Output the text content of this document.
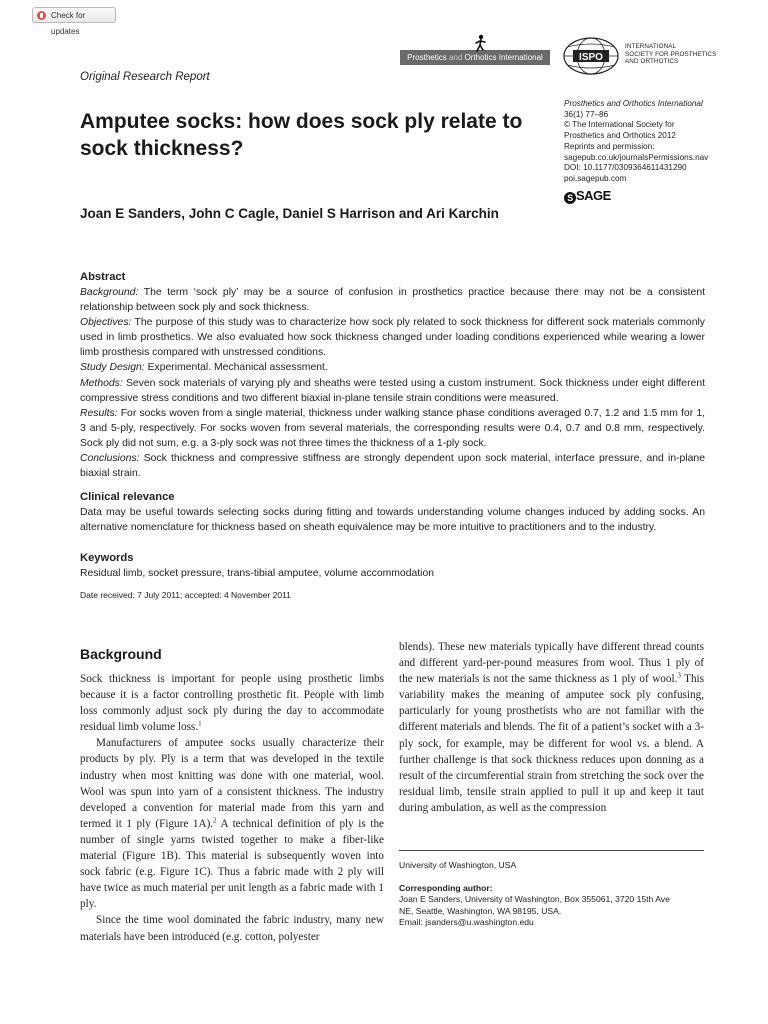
Check for updates
Prosthetics and Orthotics International	ISPO
INTERNATIONAL
SOCIETY FOR PROSTHETICS
AND ORTHOTICS
Original Research Report
Prosthetics and Orthotics International
36(1) 77–86
© The International Society for
Prosthetics and Orthotics 2012
Reprints and permission:
sagepub.co.uk/journalsPermissions.nav
DOI: 10.1177/0309364611431290
poi.sagepub.com
S SAGE
Amputee socks: how does sock ply relate to sock thickness?
Joan E Sanders, John C Cagle, Daniel S Harrison and Ari Karchin
Abstract
Background: The term ‘sock ply’ may be a source of confusion in prosthetics practice because there may not be a consistent relationship between sock ply and sock thickness.
Objectives: The purpose of this study was to characterize how sock ply related to sock thickness for different sock materials commonly used in limb prosthetics. We also evaluated how sock thickness changed under loading conditions experienced while wearing a lower limb prosthesis compared with unstressed conditions.
Study Design: Experimental. Mechanical assessment.
Methods: Seven sock materials of varying ply and sheaths were tested using a custom instrument. Sock thickness under eight different compressive stress conditions and two different biaxial in-plane tensile strain conditions were measured.
Results: For socks woven from a single material, thickness under walking stance phase conditions averaged 0.7, 1.2 and 1.5 mm for 1, 3 and 5-ply, respectively. For socks woven from several materials, the corresponding results were 0.4, 0.7 and 0.8 mm, respectively. Sock ply did not sum, e.g. a 3-ply sock was not three times the thickness of a 1-ply sock.
Conclusions: Sock thickness and compressive stiffness are strongly dependent upon sock material, interface pressure, and in-plane biaxial strain.
Clinical relevance
Data may be useful towards selecting socks during fitting and towards understanding volume changes induced by adding socks. An alternative nomenclature for thickness based on sheath equivalence may be more intuitive to practitioners and to the industry.
Keywords
Residual limb, socket pressure, trans-tibial amputee, volume accommodation
Date received: 7 July 2011; accepted: 4 November 2011
Background

Sock thickness is important for people using prosthetic limbs because it is a factor controlling prosthetic fit. People with limb loss commonly adjust sock ply during the day to accommodate residual limb volume loss.$^1$

Manufacturers of amputee socks usually characterize their products by ply. Ply is a term that was developed in the textile industry when most knitting was done with one material, wool. Wool was spun into yarn of a consistent thickness. The industry developed a convention for material made from this yarn and termed it 1 ply (Figure 1A).$^2$ A technical definition of ply is the number of single yarns twisted together to make a fiber-like material (Figure 1B). This material is subsequently woven into sock fabric (e.g. Figure 1C). Thus a fabric made with 2 ply will have twice as much material per unit length as a fabric made with 1 ply.

Since the time wool dominated the fabric industry, many new materials have been introduced (e.g. cotton, polyester

blends). These new materials typically have different thread counts and different yard-per-pound measures from wool. Thus 1 ply of the new materials is not the same thickness as 1 ply of wool.$^3$ This variability makes the meaning of amputee sock ply confusing, particularly for young prosthetists who are not familiar with the different materials and blends. The fit of a patient’s socket with a 3-ply sock, for example, may be different for wool vs. a blend. A further challenge is that sock thickness reduces upon donning as a result of the circumferential strain from stretching the sock over the residual limb, tensile strain applied to pull it up and keep it taut during ambulation, as well as the compression

University of Washington, USA
Corresponding author:
Joan E Sanders, University of Washington, Box 355061, 3720 15th Ave
NE, Seattle, Washington, WA 98195, USA.
Email: jsanders@u.washington.edu
